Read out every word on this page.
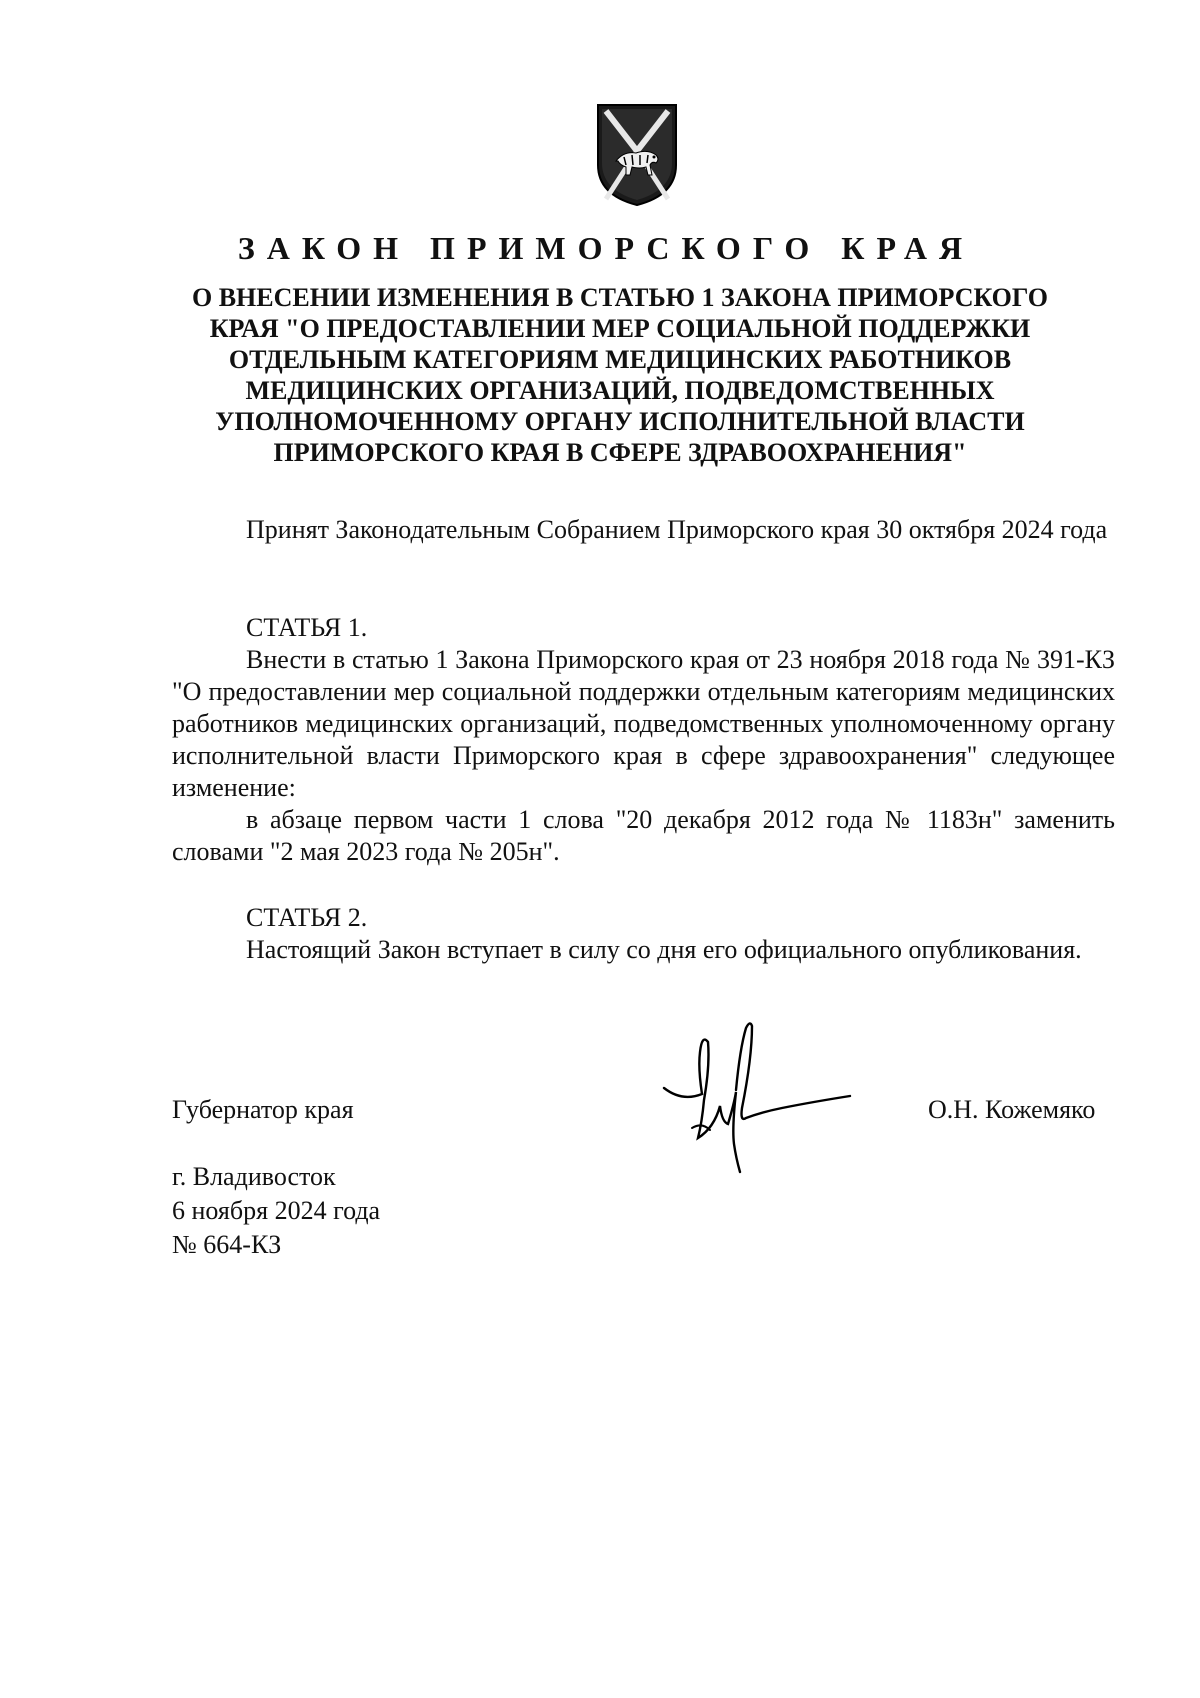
ЗАКОН ПРИМОРСКОГО КРАЯ
О ВНЕСЕНИИ ИЗМЕНЕНИЯ В СТАТЬЮ 1 ЗАКОНА ПРИМОРСКОГО
КРАЯ "О ПРЕДОСТАВЛЕНИИ МЕР СОЦИАЛЬНОЙ ПОДДЕРЖКИ
ОТДЕЛЬНЫМ КАТЕГОРИЯМ МЕДИЦИНСКИХ РАБОТНИКОВ
МЕДИЦИНСКИХ ОРГАНИЗАЦИЙ, ПОДВЕДОМСТВЕННЫХ
УПОЛНОМОЧЕННОМУ ОРГАНУ ИСПОЛНИТЕЛЬНОЙ ВЛАСТИ
ПРИМОРСКОГО КРАЯ В СФЕРЕ ЗДРАВООХРАНЕНИЯ"

Принят Законодательным Собранием Приморского края 30 октября 2024 года

СТАТЬЯ 1.

Внести в статью 1 Закона Приморского края от 23 ноября 2018 года № 391-КЗ "О предоставлении мер социальной поддержки отдельным категориям медицинских работников медицинских организаций, подведомственных уполномоченному органу исполнительной власти Приморского края в сфере здравоохранения" следующее изменение:

в абзаце первом части 1 слова "20 декабря 2012 года № 1183н" заменить словами "2 мая 2023 года № 205н".

СТАТЬЯ 2.

Настоящий Закон вступает в силу со дня его официального опубликования.

Губернатор края	О.Н. Кожемяко
г. Владивосток
6 ноября 2024 года
№ 664-КЗ
